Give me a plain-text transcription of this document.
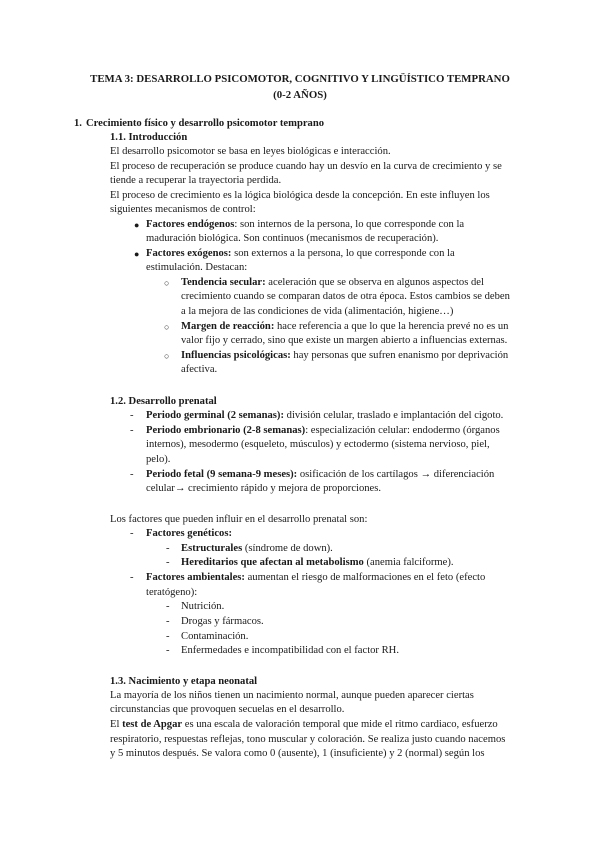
TEMA 3: DESARROLLO PSICOMOTOR, COGNITIVO Y LINGÜÍSTICO TEMPRANO
(0-2 AÑOS)
1. Crecimiento físico y desarrollo psicomotor temprano
1.1. Introducción
El desarrollo psicomotor se basa en leyes biológicas e interacción.
El proceso de recuperación se produce cuando hay un desvío en la curva de crecimiento y se
tiende a recuperar la trayectoria perdida.
El proceso de crecimiento es la lógica biológica desde la concepción. En este influyen los
siguientes mecanismos de control:
● Factores endógenos: son internos de la persona, lo que corresponde con la
maduración biológica. Son continuos (mecanismos de recuperación).
● Factores exógenos: son externos a la persona, lo que corresponde con la
estimulación. Destacan:
○ Tendencia secular: aceleración que se observa en algunos aspectos del
crecimiento cuando se comparan datos de otra época. Estos cambios se deben
a la mejora de las condiciones de vida (alimentación, higiene…)
○ Margen de reacción: hace referencia a que lo que la herencia prevé no es un
valor fijo y cerrado, sino que existe un margen abierto a influencias externas.
○ Influencias psicológicas: hay personas que sufren enanismo por deprivación
afectiva.
1.2. Desarrollo prenatal
- Periodo germinal (2 semanas): división celular, traslado e implantación del cigoto.
- Periodo embrionario (2-8 semanas): especialización celular: endodermo (órganos
internos), mesodermo (esqueleto, músculos) y ectodermo (sistema nervioso, piel,
pelo).
- Periodo fetal (9 semana-9 meses): osificación de los cartílagos → diferenciación
celular→ crecimiento rápido y mejora de proporciones.
Los factores que pueden influir en el desarrollo prenatal son:
- Factores genéticos:
- Estructurales (síndrome de down).
- Hereditarios que afectan al metabolismo (anemia falciforme).
- Factores ambientales: aumentan el riesgo de malformaciones en el feto (efecto
teratógeno):
- Nutrición.
- Drogas y fármacos.
- Contaminación.
- Enfermedades e incompatibilidad con el factor RH.
1.3. Nacimiento y etapa neonatal
La mayoría de los niños tienen un nacimiento normal, aunque pueden aparecer ciertas
circunstancias que provoquen secuelas en el desarrollo.
El test de Apgar es una escala de valoración temporal que mide el ritmo cardiaco, esfuerzo
respiratorio, respuestas reflejas, tono muscular y coloración. Se realiza justo cuando nacemos
y 5 minutos después. Se valora como 0 (ausente), 1 (insuficiente) y 2 (normal) según los
